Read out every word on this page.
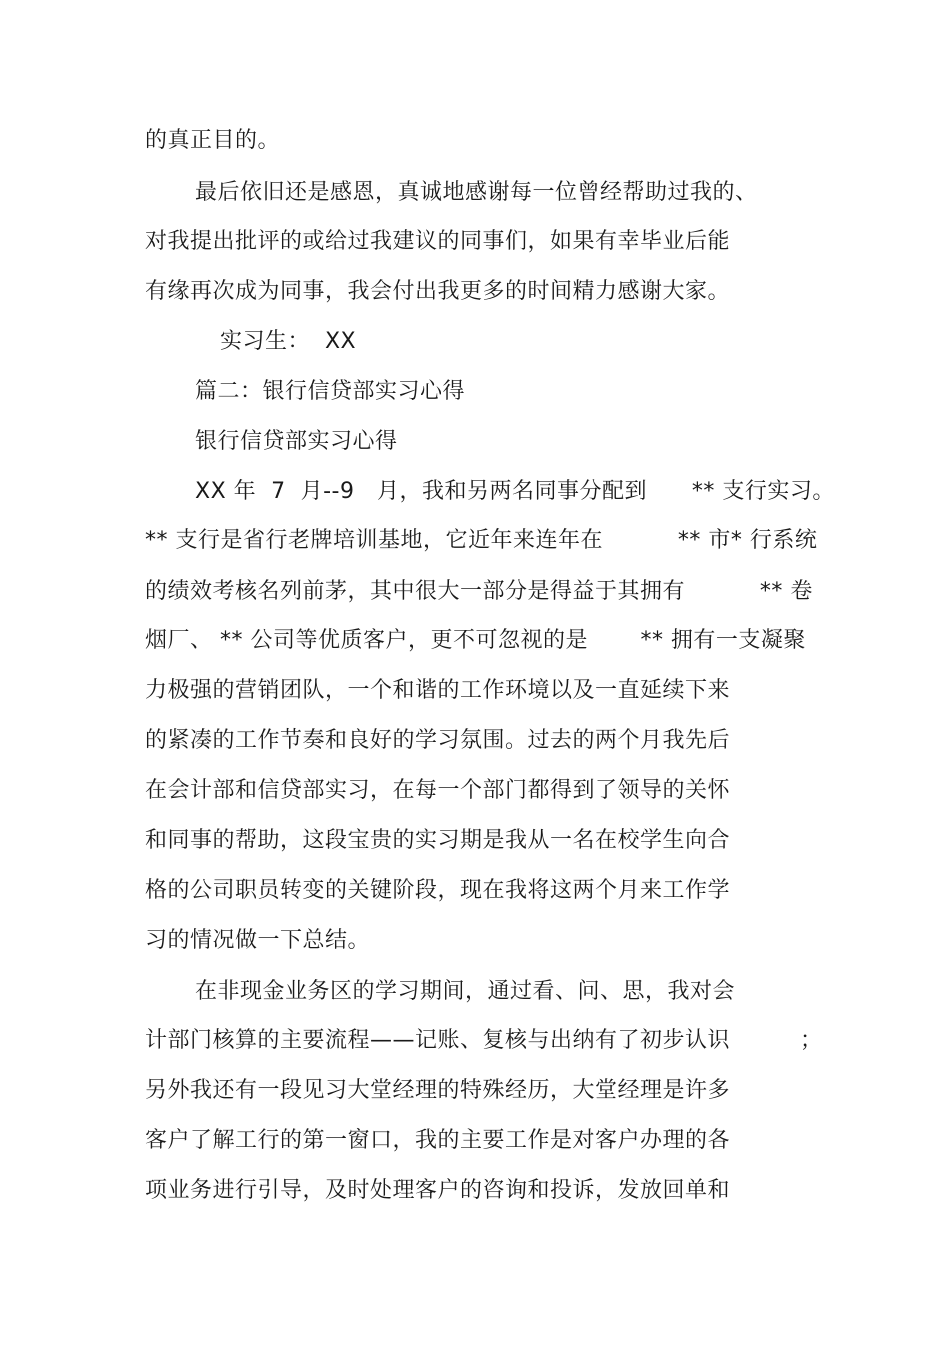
的真正目的。
最后依旧还是感恩，真诚地感谢每一位曾经帮助过我的、
对我提出批评的或给过我建议的同事们，如果有幸毕业后能
有缘再次成为同事，我会付出我更多的时间精力感谢大家。
实习生：  XX
篇二：银行信贷部实习心得
银行信贷部实习心得
XX 年  7  月--9   月，我和另两名同事分配到      ** 支行实习。
** 支行是省行老牌培训基地，它近年来连年在          ** 市* 行系统
的绩效考核名列前茅，其中很大一部分是得益于其拥有          ** 卷
烟厂、 ** 公司等优质客户，更不可忽视的是       ** 拥有一支凝聚
力极强的营销团队，一个和谐的工作环境以及一直延续下来
的紧凑的工作节奏和良好的学习氛围。过去的两个月我先后
在会计部和信贷部实习，在每一个部门都得到了领导的关怀
和同事的帮助，这段宝贵的实习期是我从一名在校学生向合
格的公司职员转变的关键阶段，现在我将这两个月来工作学
习的情况做一下总结。
在非现金业务区的学习期间，通过看、问、思，我对会
计部门核算的主要流程——记账、复核与出纳有了初步认识	；
另外我还有一段见习大堂经理的特殊经历，大堂经理是许多
客户了解工行的第一窗口，我的主要工作是对客户办理的各
项业务进行引导，及时处理客户的咨询和投诉，发放回单和
